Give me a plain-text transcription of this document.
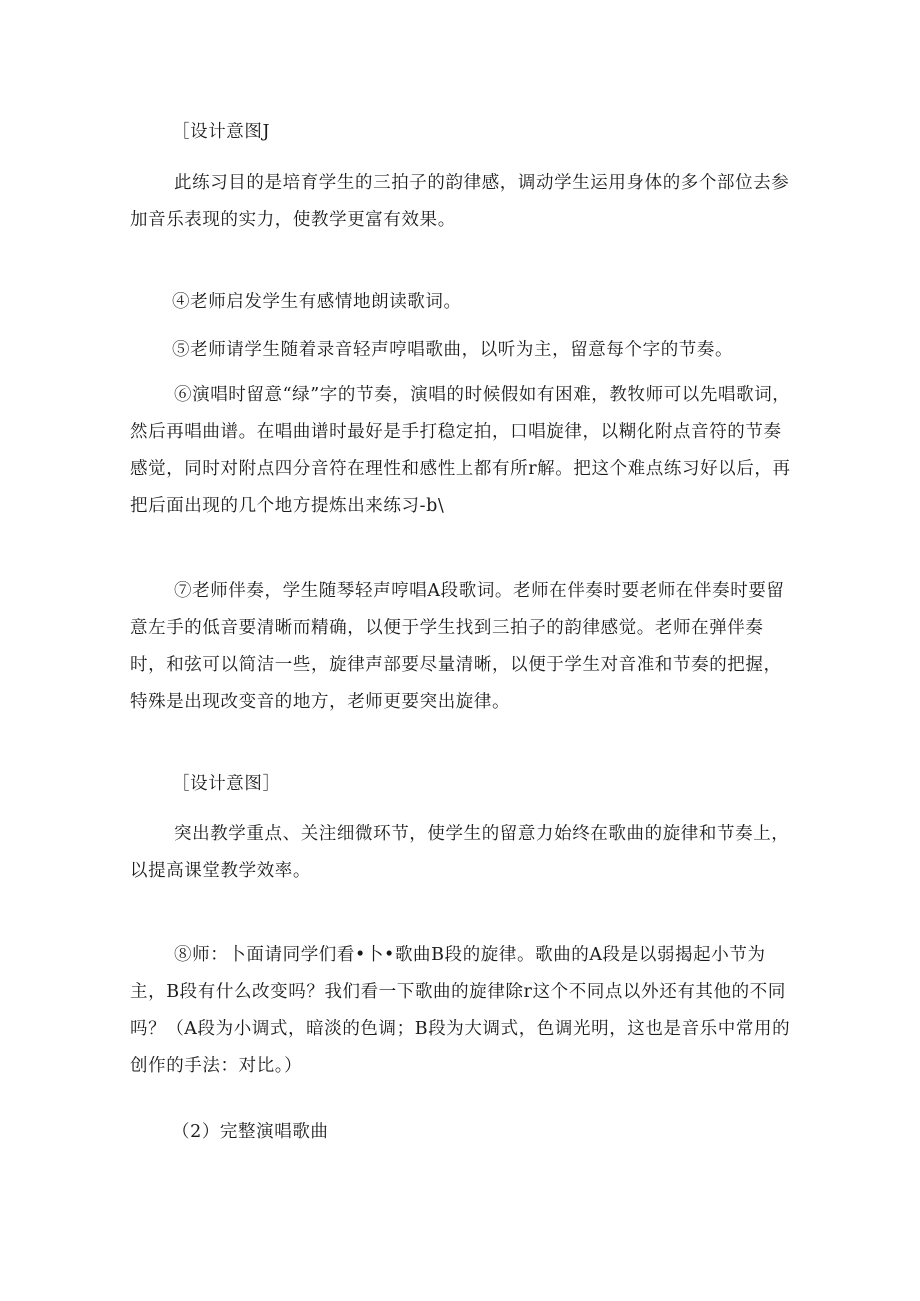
［设计意图J

此练习目的是培育学生的三拍子的韵律感，调动学生运用身体的多个部位去参加音乐表现的实力，使教学更富有效果。

④老师启发学生有感情地朗读歌词。

⑤老师请学生随着录音轻声哼唱歌曲，以听为主，留意每个字的节奏。

⑥演唱时留意“绿”字的节奏，演唱的时候假如有困难，教牧师可以先唱歌词，然后再唱曲谱。在唱曲谱时最好是手打稳定拍，口唱旋律，以糊化附点音符的节奏感觉，同时对附点四分音符在理性和感性上都有所r解。把这个难点练习好以后，再把后面出现的几个地方提炼出来练习-b\

⑦老师伴奏，学生随琴轻声哼唱A段歌词。老师在伴奏时要老师在伴奏时要留意左手的低音要清晰而精确，以便于学生找到三拍子的韵律感觉。老师在弹伴奏时，和弦可以简洁一些，旋律声部要尽量清晰，以便于学生对音准和节奏的把握，特殊是出现改变音的地方，老师更要突出旋律。

［设计意图］

突出教学重点、关注细微环节，使学生的留意力始终在歌曲的旋律和节奏上，以提高课堂教学效率。

⑧师：卜面请同学们看•卜•歌曲B段的旋律。歌曲的A段是以弱揭起小节为主，B段有什么改变吗？我们看一下歌曲的旋律除r这个不同点以外还有其他的不同吗？（A段为小调式，暗淡的色调；B段为大调式，色调光明，这也是音乐中常用的创作的手法：对比。）

（2）完整演唱歌曲
